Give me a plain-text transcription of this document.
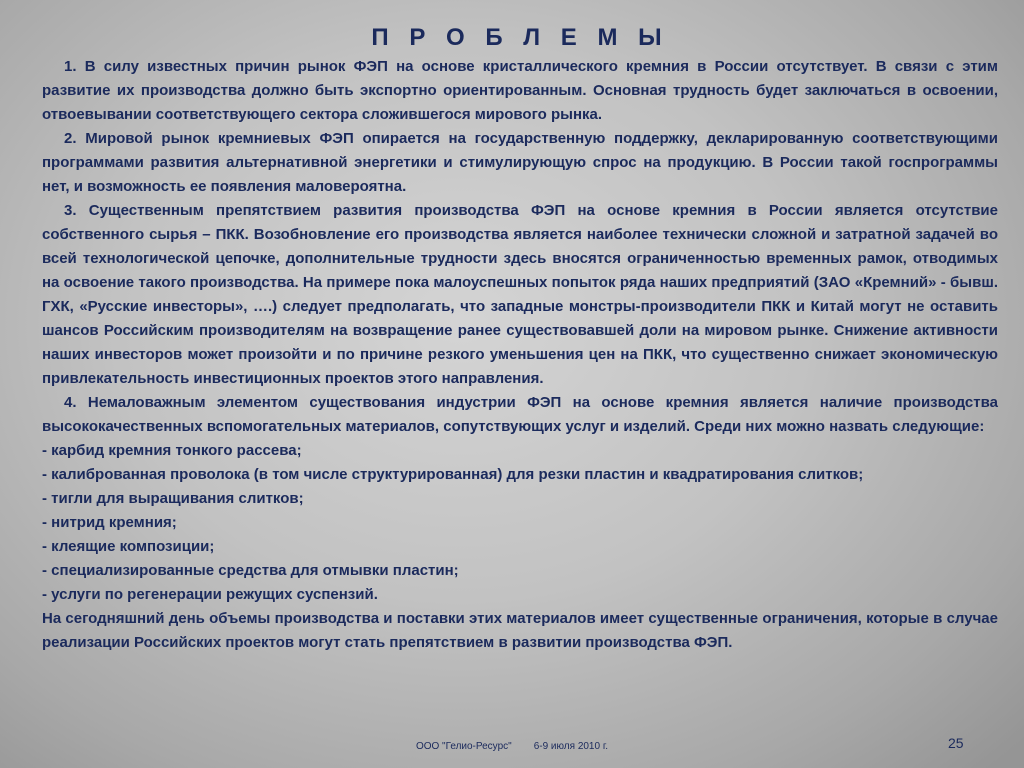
П Р О Б Л Е М Ы

1. В силу известных причин рынок ФЭП на основе кристаллического кремния в России отсутствует. В связи с этим развитие их производства должно быть экспортно ориентированным. Основная трудность будет заключаться в освоении, отвоевывании соответствующего сектора сложившегося мирового рынка.

2. Мировой рынок кремниевых ФЭП опирается на государственную поддержку, декларированную соответствующими программами развития альтернативной энергетики и стимулирующую спрос на продукцию. В России такой госпрограммы нет, и возможность ее появления маловероятна.

3. Существенным препятствием развития производства ФЭП на основе кремния в России является отсутствие собственного сырья – ПКК. Возобновление его производства является наиболее технически сложной и затратной задачей во всей технологической цепочке, дополнительные трудности здесь вносятся ограниченностью временных рамок, отводимых на освоение такого производства. На примере пока малоуспешных попыток ряда наших предприятий (ЗАО «Кремний» - бывш. ГХК, «Русские инвесторы», ….) следует предполагать, что западные монстры-производители ПКК и Китай могут не оставить шансов Российским производителям на возвращение ранее существовавшей доли на мировом рынке. Снижение активности наших инвесторов может произойти и по причине резкого уменьшения цен на ПКК, что существенно снижает экономическую привлекательность инвестиционных проектов этого направления.

4. Немаловажным элементом существования индустрии ФЭП на основе кремния является наличие производства высококачественных вспомогательных материалов, сопутствующих услуг и изделий. Среди них можно назвать следующие:

- карбид кремния тонкого рассева;

- калиброванная проволока (в том числе структурированная) для резки пластин и квадратирования слитков;

- тигли для выращивания слитков;

- нитрид кремния;

- клеящие композиции;

- специализированные средства для отмывки пластин;

- услуги по регенерации режущих суспензий.

На сегодняшний день объемы производства и поставки этих материалов имеет существенные ограничения, которые в случае реализации Российских проектов могут стать препятствием в развитии производства ФЭП.

ООО "Гелио-Ресурс" 6-9 июля 2010 г.	25
